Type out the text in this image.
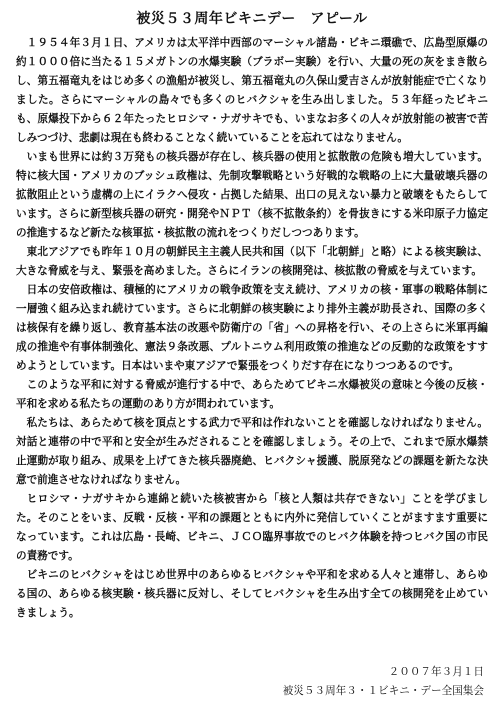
被災５３周年ビキニデー　アピール

１９５４年３月１日、アメリカは太平洋中西部のマーシャル諸島・ビキニ環礁で、広島型原爆の約１０００倍に当たる１５メガトンの水爆実験（ブラボー実験）を行い、大量の死の灰をまき散らし、第五福竜丸をはじめ多くの漁船が被災し、第五福竜丸の久保山愛吉さんが放射能症で亡くなりました。さらにマーシャルの島々でも多くのヒバクシャを生み出しました。５３年経ったビキニも、原爆投下から６２年たったヒロシマ・ナガサキでも、いまなお多くの人々が放射能の被害で苦しみつづけ、悲劇は現在も終わることなく続いていることを忘れてはなりません。

いまも世界には約３万発もの核兵器が存在し、核兵器の使用と拡散散の危険も増大しています。特に核大国・アメリカのブッシュ政権は、先制攻撃戦略という好戦的な戦略の上に大量破壊兵器の拡散阻止という虚構の上にイラクへ侵攻・占拠した結果、出口の見えない暴力と破壊をもたらしています。さらに新型核兵器の研究・開発やＮＰＴ（核不拡散条約）を骨抜きにする米印原子力協定の推進するなど新たな核軍拡・核拡散の流れをつくりだしつつあります。

東北アジアでも昨年１０月の朝鮮民主主義人民共和国（以下「北朝鮮」と略）による核実験は、大きな脅威を与え、緊張を高めました。さらにイランの核開発は、核拡散の脅威を与えています。

日本の安倍政権は、積極的にアメリカの戦争政策を支え続け、アメリカの核・軍事の戦略体制に一層強く組み込まれ続けています。さらに北朝鮮の核実験により排外主義が助長され、国際の多くは核保有を繰り返し、教育基本法の改悪や防衛庁の「省」への昇格を行い、その上さらに米軍再編成の推進や有事体制強化、憲法９条改悪、プルトニウム利用政策の推進などの反動的な政策をすすめようとしています。日本はいまや東アジアで緊張をつくりだす存在になりつつあるのです。

このような平和に対する脅威が進行する中で、あらためてビキニ水爆被災の意味と今後の反核・平和を求める私たちの運動のあり方が問われています。

私たちは、あらためて核を頂点とする武力で平和は作れないことを確認しなければなりません。対話と連帯の中で平和と安全が生みだされることを確認しましょう。その上で、これまで原水爆禁止運動が取り組み、成果を上げてきた核兵器廃絶、ヒバクシャ援護、脱原発などの課題を新たな決意で前進させなければなりません。

ヒロシマ・ナガサキから連綿と続いた核被害から「核と人類は共存できない」ことを学びました。そのことをいま、反戦・反核・平和の課題とともに内外に発信していくことがますます重要になっています。これは広島・長崎、ビキニ、ＪＣＯ臨界事故でのヒバク体験を持つヒバク国の市民の責務です。

ビキニのヒバクシャをはじめ世界中のあらゆるヒバクシャや平和を求める人々と連帯し、あらゆる国の、あらゆる核実験・核兵器に反対し、そしてヒバクシャを生み出す全ての核開発を止めていきましょう。

２００７年３月１日
被災５３周年３・１ビキニ・デー全国集会
